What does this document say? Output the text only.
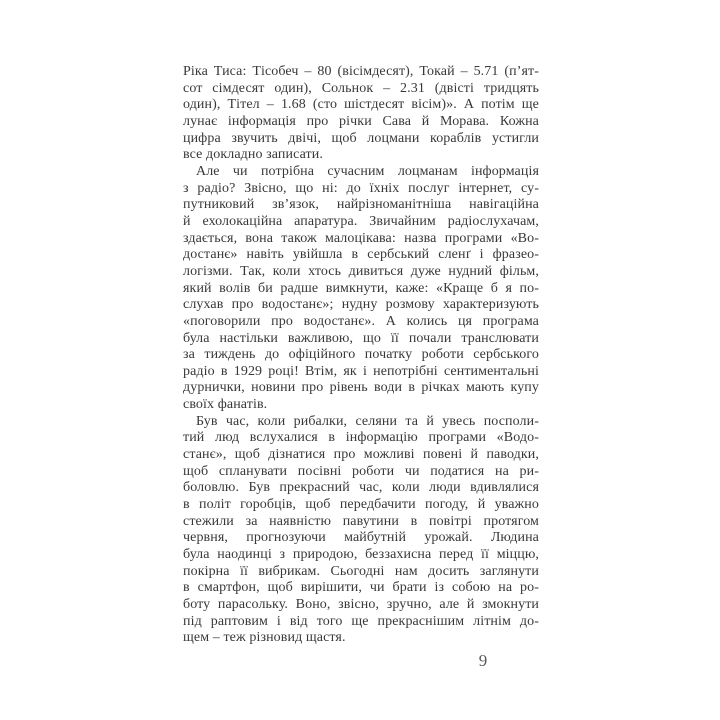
Ріка Тиса: Тісобеч – 80 (вісімдесят), Токай – 5.71 (п’ят-
сот сімдесят один), Сольнок – 2.31 (двісті тридцять
один), Тітел – 1.68 (сто шістдесят вісім)». А потім ще
лунає інформація про річки Сава й Морава. Кожна
цифра звучить двічі, щоб лоцмани кораблів устигли
все докладно записати.
Але чи потрібна сучасним лоцманам інформація
з радіо? Звісно, що ні: до їхніх послуг інтернет, су-
путниковий зв’язок, найрізноманітніша навігаційна
й ехолокаційна апаратура. Звичайним радіослухачам,
здається, вона також малоцікава: назва програми «Во-
достанє» навіть увійшла в сербський сленґ і фразео-
логізми. Так, коли хтось дивиться дуже нудний фільм,
який волів би радше вимкнути, каже: «Краще б я по-
слухав про водостанє»; нудну розмову характеризують
«поговорили про водостанє». А колись ця програма
була настільки важливою, що її почали транслювати
за тиждень до офіційного початку роботи сербського
радіо в 1929 році! Втім, як і непотрібні сентиментальні
дурнички, новини про рівень води в річках мають купу
своїх фанатів.
Був час, коли рибалки, селяни та й увесь посполи-
тий люд вслухалися в інформацію програми «Водо-
станє», щоб дізнатися про можливі повені й паводки,
щоб спланувати посівні роботи чи податися на ри-
боловлю. Був прекрасний час, коли люди вдивлялися
в політ горобців, щоб передбачити погоду, й уважно
стежили за наявністю павутини в повітрі протягом
червня, прогнозуючи майбутній урожай. Людина
була наодинці з природою, беззахисна перед її міццю,
покірна її вибрикам. Сьогодні нам досить заглянути
в смартфон, щоб вирішити, чи брати із собою на ро-
боту парасольку. Воно, звісно, зручно, але й змокнути
під раптовим і від того ще прекраснішим літнім до-
щем – теж різновид щастя.
9
